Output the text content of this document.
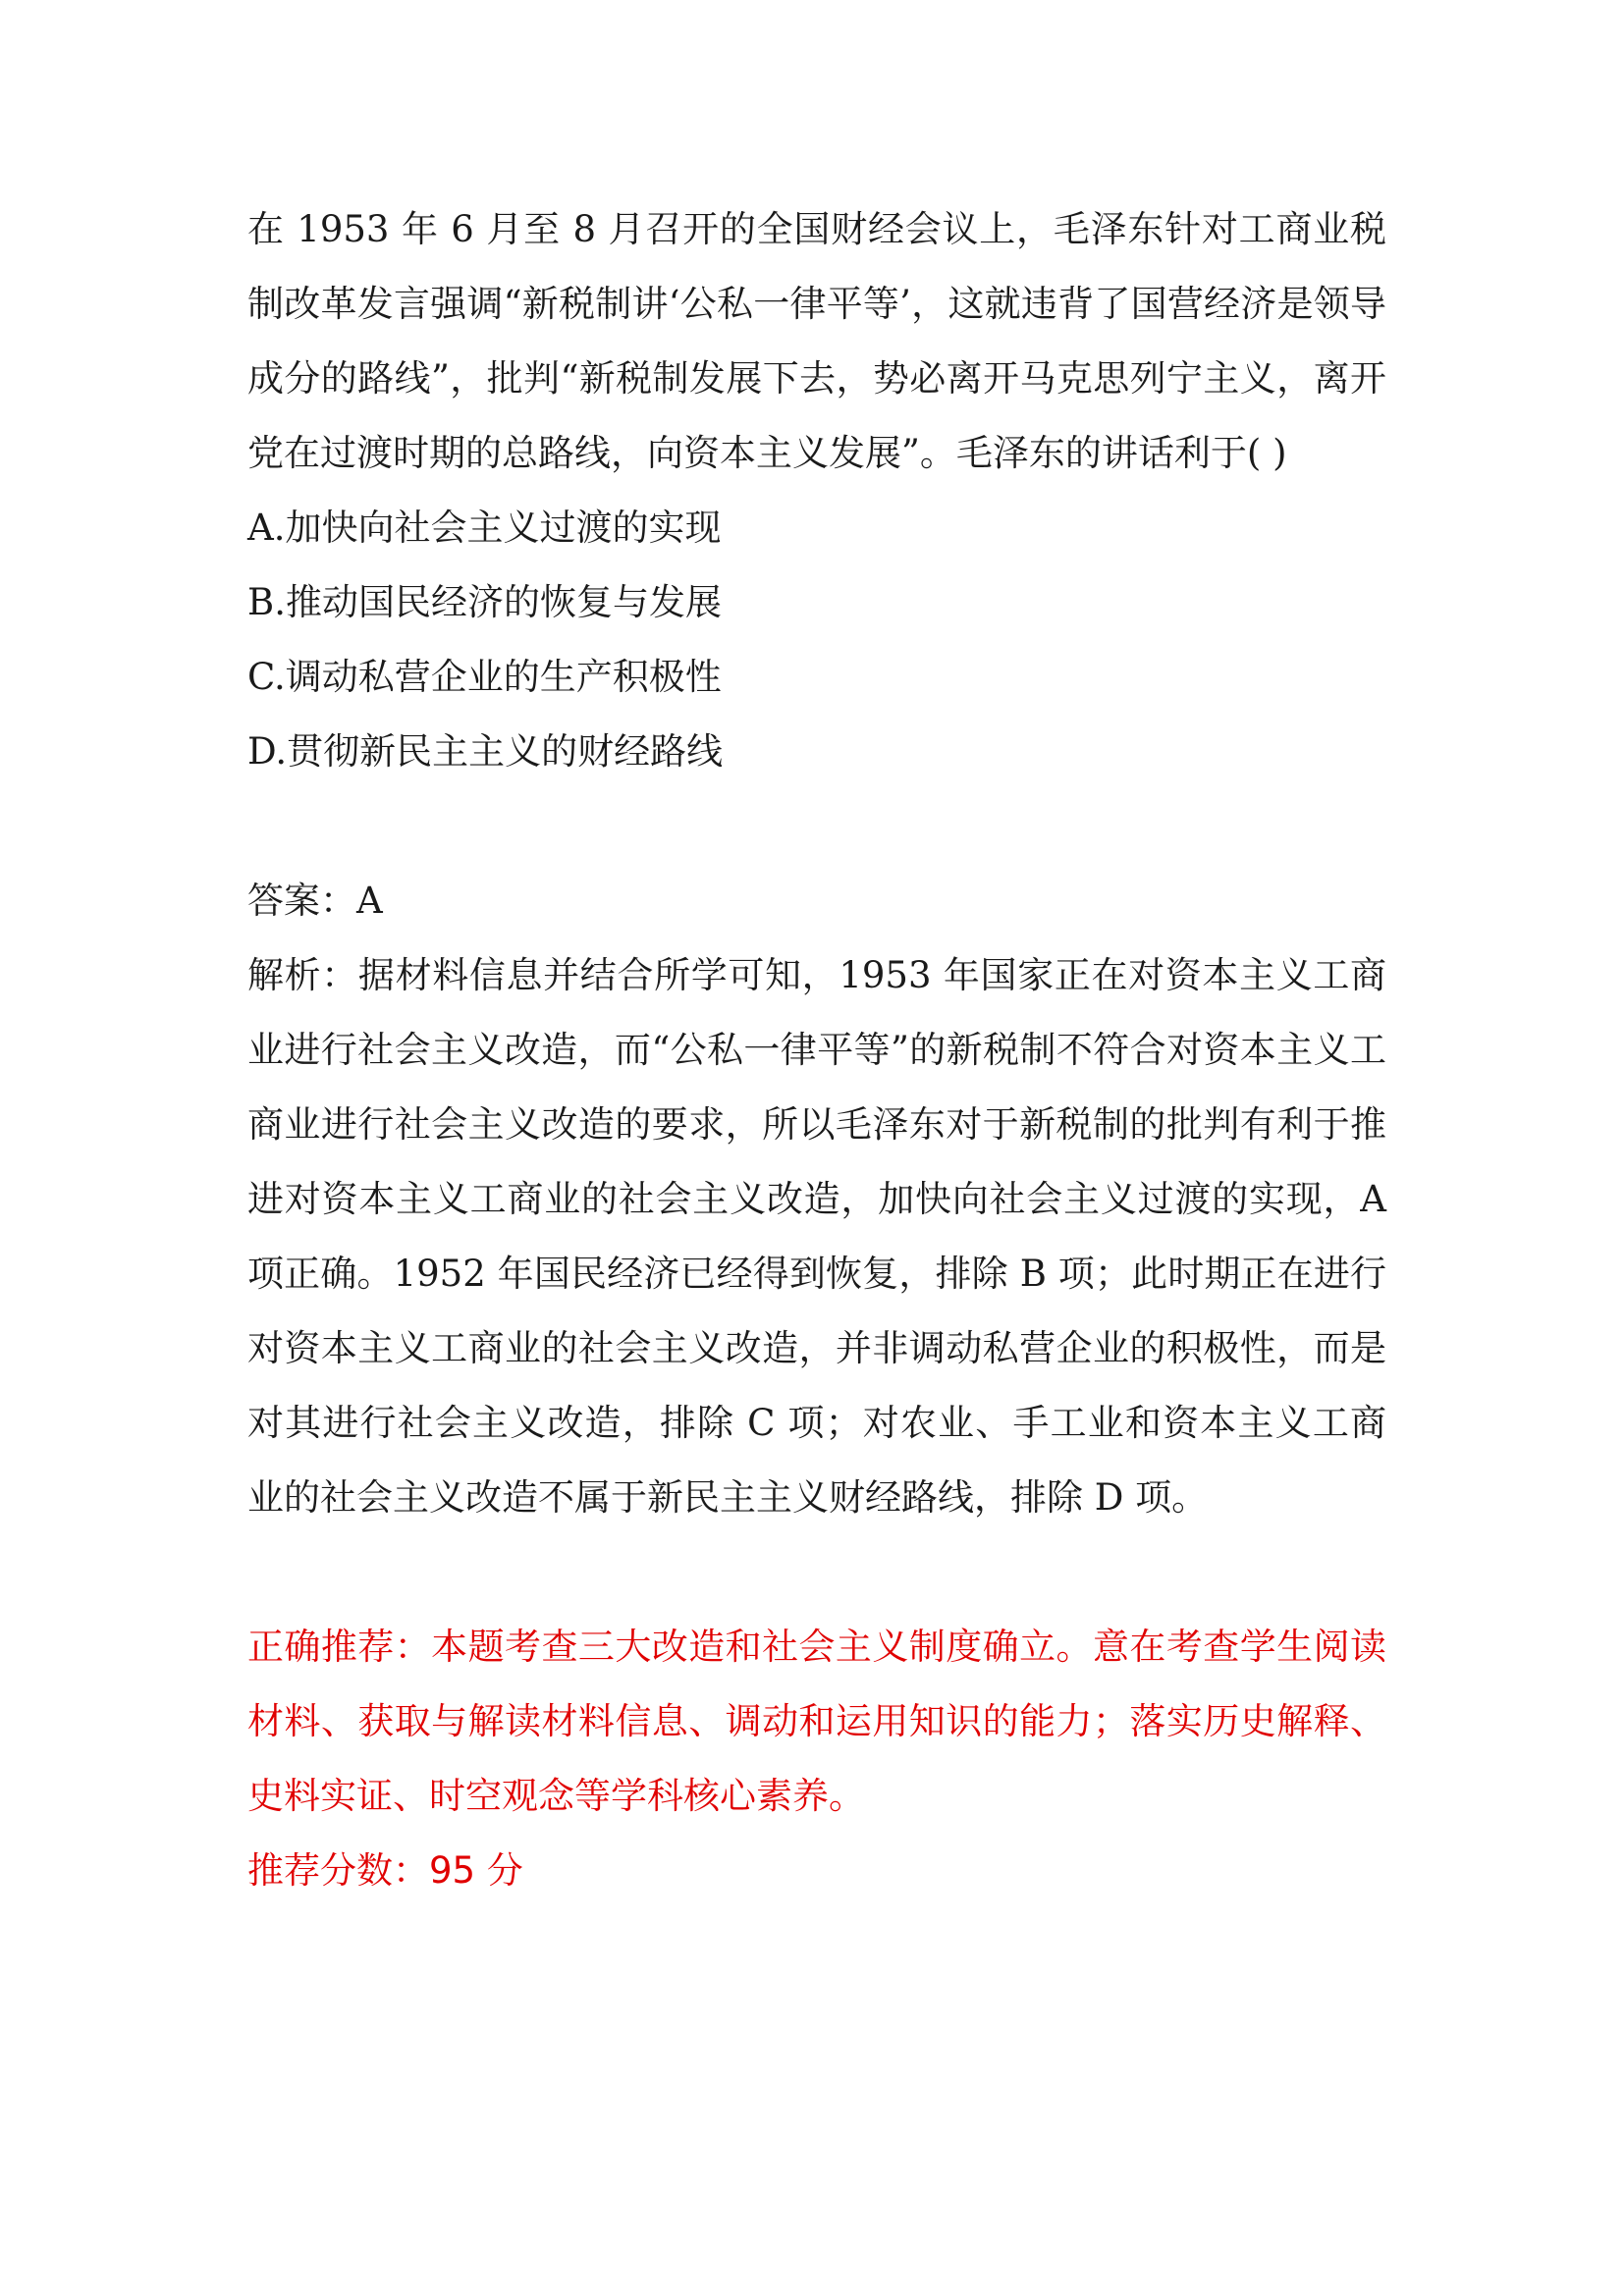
在 1953 年 6 月至 8 月召开的全国财经会议上，毛泽东针对工商业税制改革发言强调“新税制讲‘公私一律平等’，这就违背了国营经济是领导成分的路线”，批判“新税制发展下去，势必离开马克思列宁主义，离开党在过渡时期的总路线，向资本主义发展”。毛泽东的讲话利于( )

A.加快向社会主义过渡的实现

B.推动国民经济的恢复与发展

C.调动私营企业的生产积极性

D.贯彻新民主主义的财经路线

答案：A

解析：据材料信息并结合所学可知，1953 年国家正在对资本主义工商业进行社会主义改造，而“公私一律平等”的新税制不符合对资本主义工商业进行社会主义改造的要求，所以毛泽东对于新税制的批判有利于推进对资本主义工商业的社会主义改造，加快向社会主义过渡的实现，A 项正确。1952 年国民经济已经得到恢复，排除 B 项；此时期正在进行对资本主义工商业的社会主义改造，并非调动私营企业的积极性，而是对其进行社会主义改造，排除 C 项；对农业、手工业和资本主义工商业的社会主义改造不属于新民主主义财经路线，排除 D 项。

正确推荐：本题考查三大改造和社会主义制度确立。意在考查学生阅读材料、获取与解读材料信息、调动和运用知识的能力；落实历史解释、史料实证、时空观念等学科核心素养。

推荐分数：95 分
